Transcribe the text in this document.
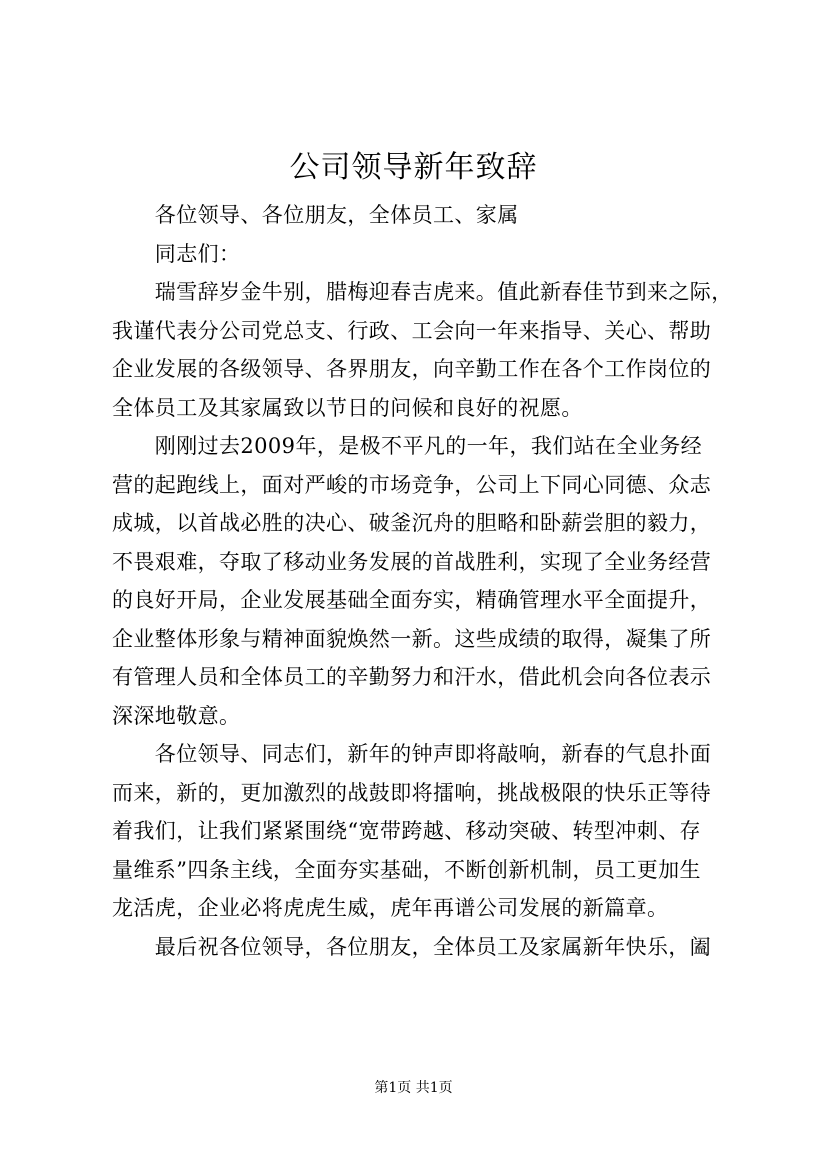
公司领导新年致辞
　　各位领导、各位朋友，全体员工、家属
　　同志们：
　　瑞雪辞岁金牛别，腊梅迎春吉虎来。值此新春佳节到来之际，
我谨代表分公司党总支、行政、工会向一年来指导、关心、帮助
企业发展的各级领导、各界朋友，向辛勤工作在各个工作岗位的
全体员工及其家属致以节日的问候和良好的祝愿。
　　刚刚过去2009年，是极不平凡的一年，我们站在全业务经
营的起跑线上，面对严峻的市场竞争，公司上下同心同德、众志
成城，以首战必胜的决心、破釜沉舟的胆略和卧薪尝胆的毅力，
不畏艰难，夺取了移动业务发展的首战胜利，实现了全业务经营
的良好开局，企业发展基础全面夯实，精确管理水平全面提升，
企业整体形象与精神面貌焕然一新。这些成绩的取得，凝集了所
有管理人员和全体员工的辛勤努力和汗水，借此机会向各位表示
深深地敬意。
　　各位领导、同志们，新年的钟声即将敲响，新春的气息扑面
而来，新的，更加激烈的战鼓即将擂响，挑战极限的快乐正等待
着我们，让我们紧紧围绕“宽带跨越、移动突破、转型冲刺、存
量维系”四条主线，全面夯实基础，不断创新机制，员工更加生
龙活虎，企业必将虎虎生威，虎年再谱公司发展的新篇章。
　　最后祝各位领导，各位朋友，全体员工及家属新年快乐，阖
第1页 共1页
